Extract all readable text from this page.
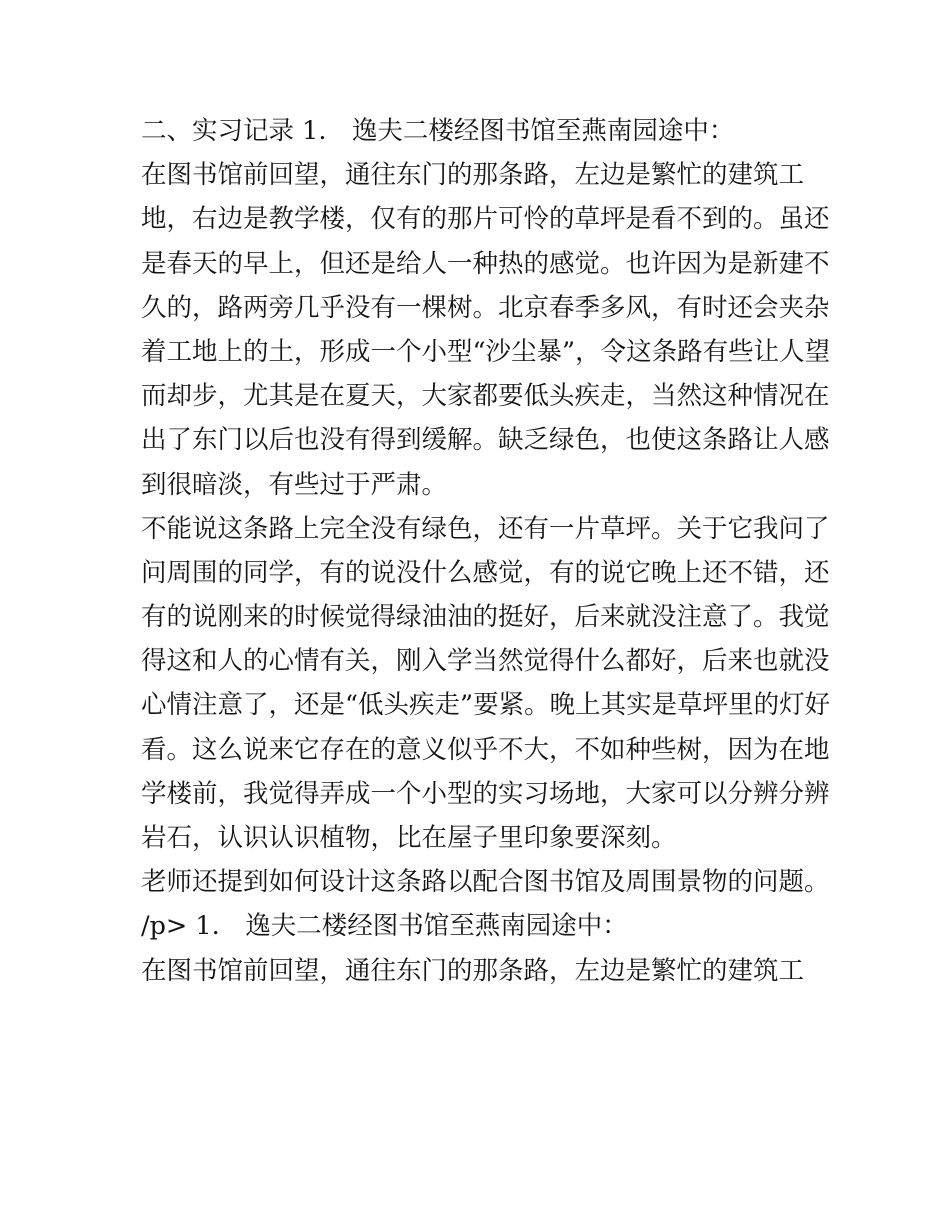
二、实习记录 1.　逸夫二楼经图书馆至燕南园途中：
在图书馆前回望，通往东门的那条路，左边是繁忙的建筑工
地，右边是教学楼，仅有的那片可怜的草坪是看不到的。虽还
是春天的早上，但还是给人一种热的感觉。也许因为是新建不
久的，路两旁几乎没有一棵树。北京春季多风，有时还会夹杂
着工地上的土，形成一个小型“沙尘暴”，令这条路有些让人望
而却步，尤其是在夏天，大家都要低头疾走，当然这种情况在
出了东门以后也没有得到缓解。缺乏绿色，也使这条路让人感
到很暗淡，有些过于严肃。
不能说这条路上完全没有绿色，还有一片草坪。关于它我问了
问周围的同学，有的说没什么感觉，有的说它晚上还不错，还
有的说刚来的时候觉得绿油油的挺好，后来就没注意了。我觉
得这和人的心情有关，刚入学当然觉得什么都好，后来也就没
心情注意了，还是“低头疾走”要紧。晚上其实是草坪里的灯好
看。这么说来它存在的意义似乎不大，不如种些树，因为在地
学楼前，我觉得弄成一个小型的实习场地，大家可以分辨分辨
岩石，认识认识植物，比在屋子里印象要深刻。
老师还提到如何设计这条路以配合图书馆及周围景物的问题。
/p> 1.　逸夫二楼经图书馆至燕南园途中：
在图书馆前回望，通往东门的那条路，左边是繁忙的建筑工
